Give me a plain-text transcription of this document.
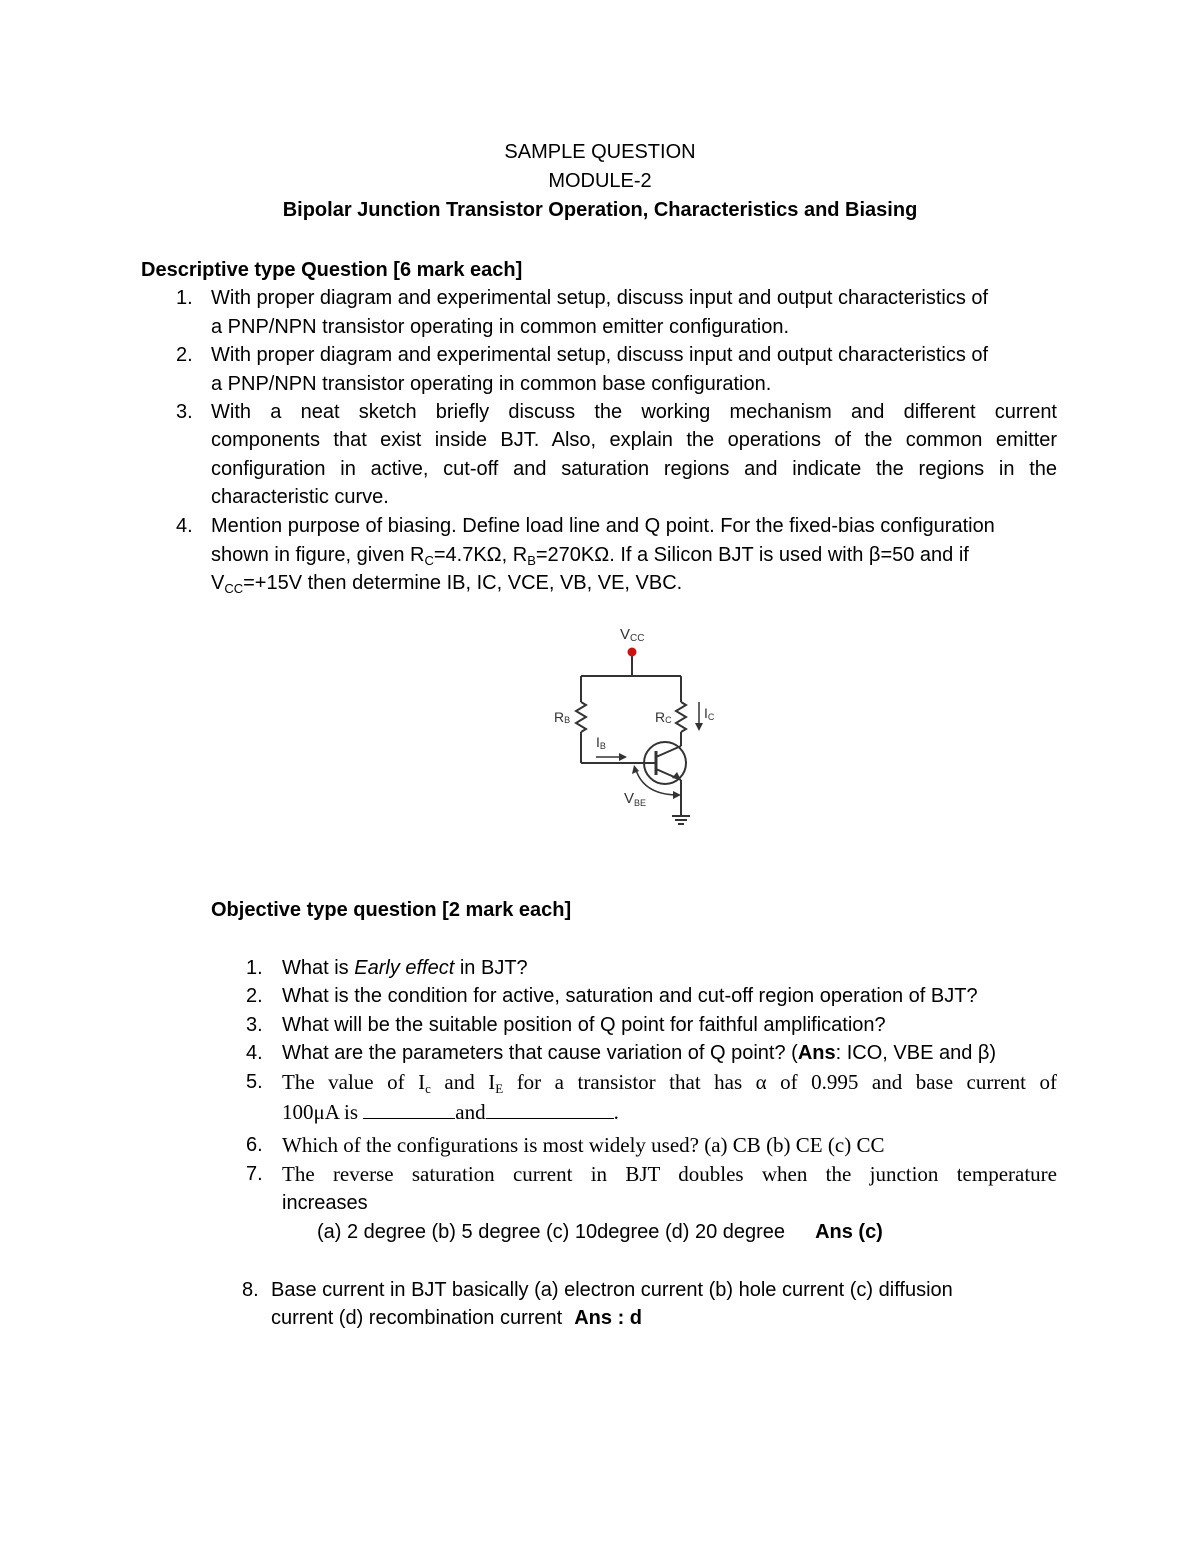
SAMPLE QUESTION
MODULE-2
Bipolar Junction Transistor Operation, Characteristics and Biasing
Descriptive type Question [6 mark each]
1. With proper diagram and experimental setup, discuss input and output characteristics of
a PNP/NPN transistor operating in common emitter configuration.
2. With proper diagram and experimental setup, discuss input and output characteristics of
a PNP/NPN transistor operating in common base configuration.
3. With a neat sketch briefly discuss the working mechanism and different current
components that exist inside BJT. Also, explain the operations of the common emitter
configuration in active, cut-off and saturation regions and indicate the regions in the
characteristic curve.
4. Mention purpose of biasing. Define load line and Q point. For the fixed-bias configuration
shown in figure, given $R_C=4.7K\Omega$, $R_B=270K\Omega$. If a Silicon BJT is used with β=50 and if
$V_{CC}=+15V$ then determine IB, IC, VCE, VB, VE, VBC.
VCC
RB	RC IC
IB
$V_{BE}$
Objective type question [2 mark each]
1. What is Early effect in BJT?
2. What is the condition for active, saturation and cut-off region operation of BJT?
3. What will be the suitable position of Q point for faithful amplification?
4. What are the parameters that cause variation of Q point? (Ans: ICO, VBE and β)
5. The value of $I_c$ and $I_E$ for a transistor that has α of 0.995 and base current of
100μA is	and	.
6. Which of the configurations is most widely used? (a) CB (b) CE (c) CC
7. The reverse saturation current in BJT doubles when the junction temperature
increases
(a) 2 degree (b) 5 degree (c) 10degree (d) 20 degree Ans (c)
8. Base current in BJT basically (a) electron current (b) hole current (c) diffusion
current (d) recombination current Ans : d
